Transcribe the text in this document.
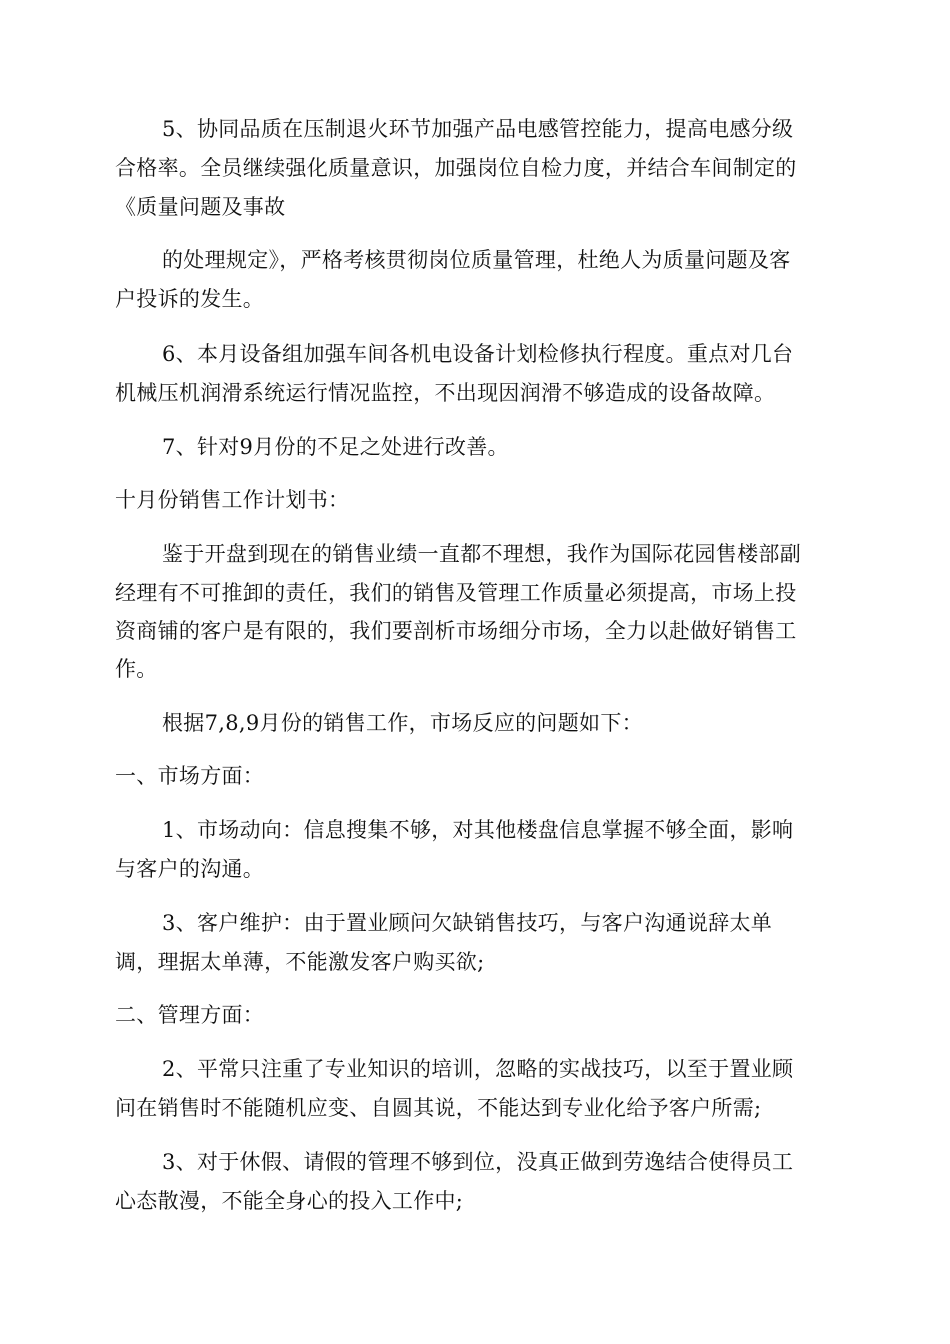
5、协同品质在压制退火环节加强产品电感管控能力，提高电感分级

合格率。全员继续强化质量意识，加强岗位自检力度，并结合车间制定的

《质量问题及事故

的处理规定》，严格考核贯彻岗位质量管理，杜绝人为质量问题及客

户投诉的发生。

6、本月设备组加强车间各机电设备计划检修执行程度。重点对几台

机械压机润滑系统运行情况监控，不出现因润滑不够造成的设备故障。

7、针对9月份的不足之处进行改善。

十月份销售工作计划书：

鉴于开盘到现在的销售业绩一直都不理想，我作为国际花园售楼部副

经理有不可推卸的责任，我们的销售及管理工作质量必须提高，市场上投

资商铺的客户是有限的，我们要剖析市场细分市场，全力以赴做好销售工

作。

根据7,8,9月份的销售工作，市场反应的问题如下：

一、市场方面：

1、市场动向：信息搜集不够，对其他楼盘信息掌握不够全面，影响

与客户的沟通。

3、客户维护：由于置业顾问欠缺销售技巧，与客户沟通说辞太单

调，理据太单薄，不能激发客户购买欲;

二、管理方面：

2、平常只注重了专业知识的培训，忽略的实战技巧，以至于置业顾

问在销售时不能随机应变、自圆其说，不能达到专业化给予客户所需;

3、对于休假、请假的管理不够到位，没真正做到劳逸结合使得员工

心态散漫，不能全身心的投入工作中;
